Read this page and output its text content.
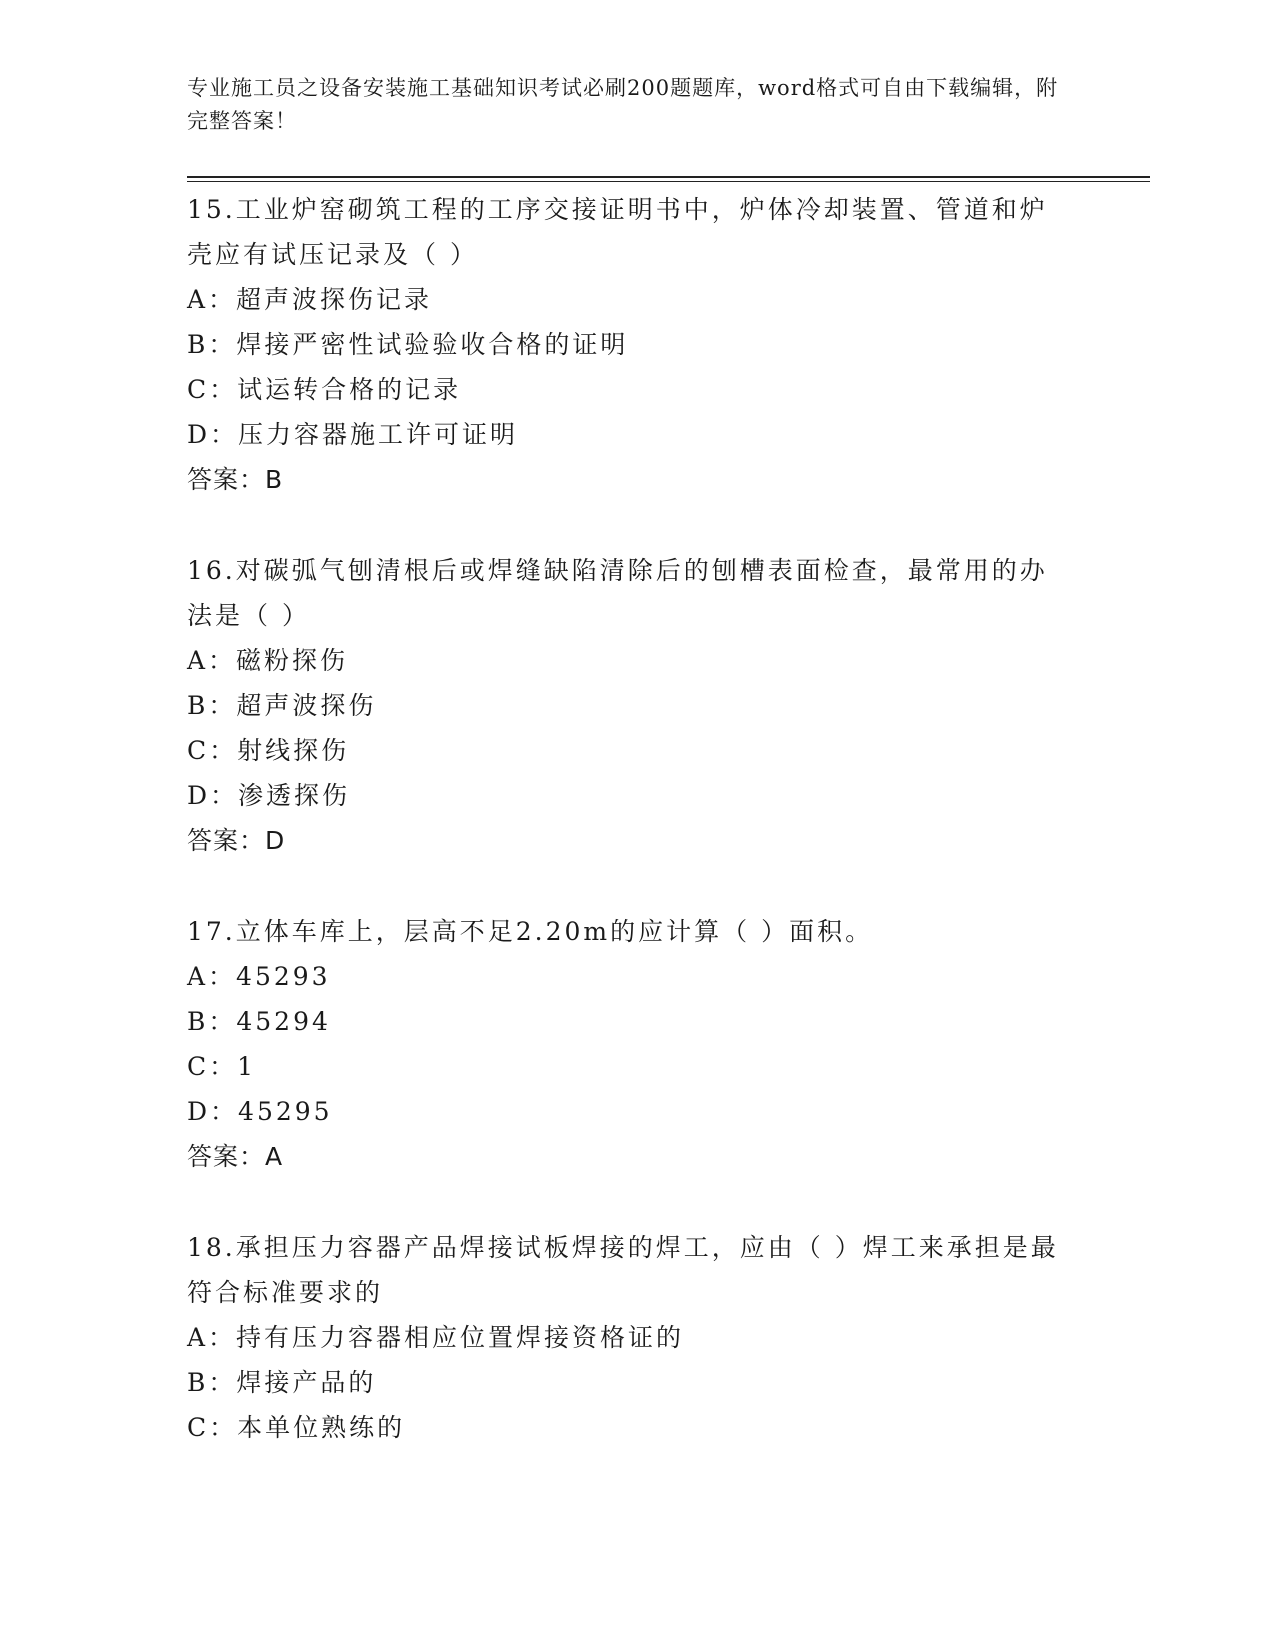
专业施工员之设备安装施工基础知识考试必刷200题题库，word格式可自由下载编辑，附完整答案！
15.工业炉窑砌筑工程的工序交接证明书中，炉体冷却装置、管道和炉壳应有试压记录及（ ）
A：超声波探伤记录
B：焊接严密性试验验收合格的证明
C：试运转合格的记录
D：压力容器施工许可证明
答案：B
16.对碳弧气刨清根后或焊缝缺陷清除后的刨槽表面检查，最常用的办法是（ ）
A：磁粉探伤
B：超声波探伤
C：射线探伤
D：渗透探伤
答案：D
17.立体车库上，层高不足2.20m的应计算（ ）面积。
A：45293
B：45294
C：1
D：45295
答案：A
18.承担压力容器产品焊接试板焊接的焊工，应由（ ）焊工来承担是最符合标准要求的
A：持有压力容器相应位置焊接资格证的
B：焊接产品的
C：本单位熟练的
